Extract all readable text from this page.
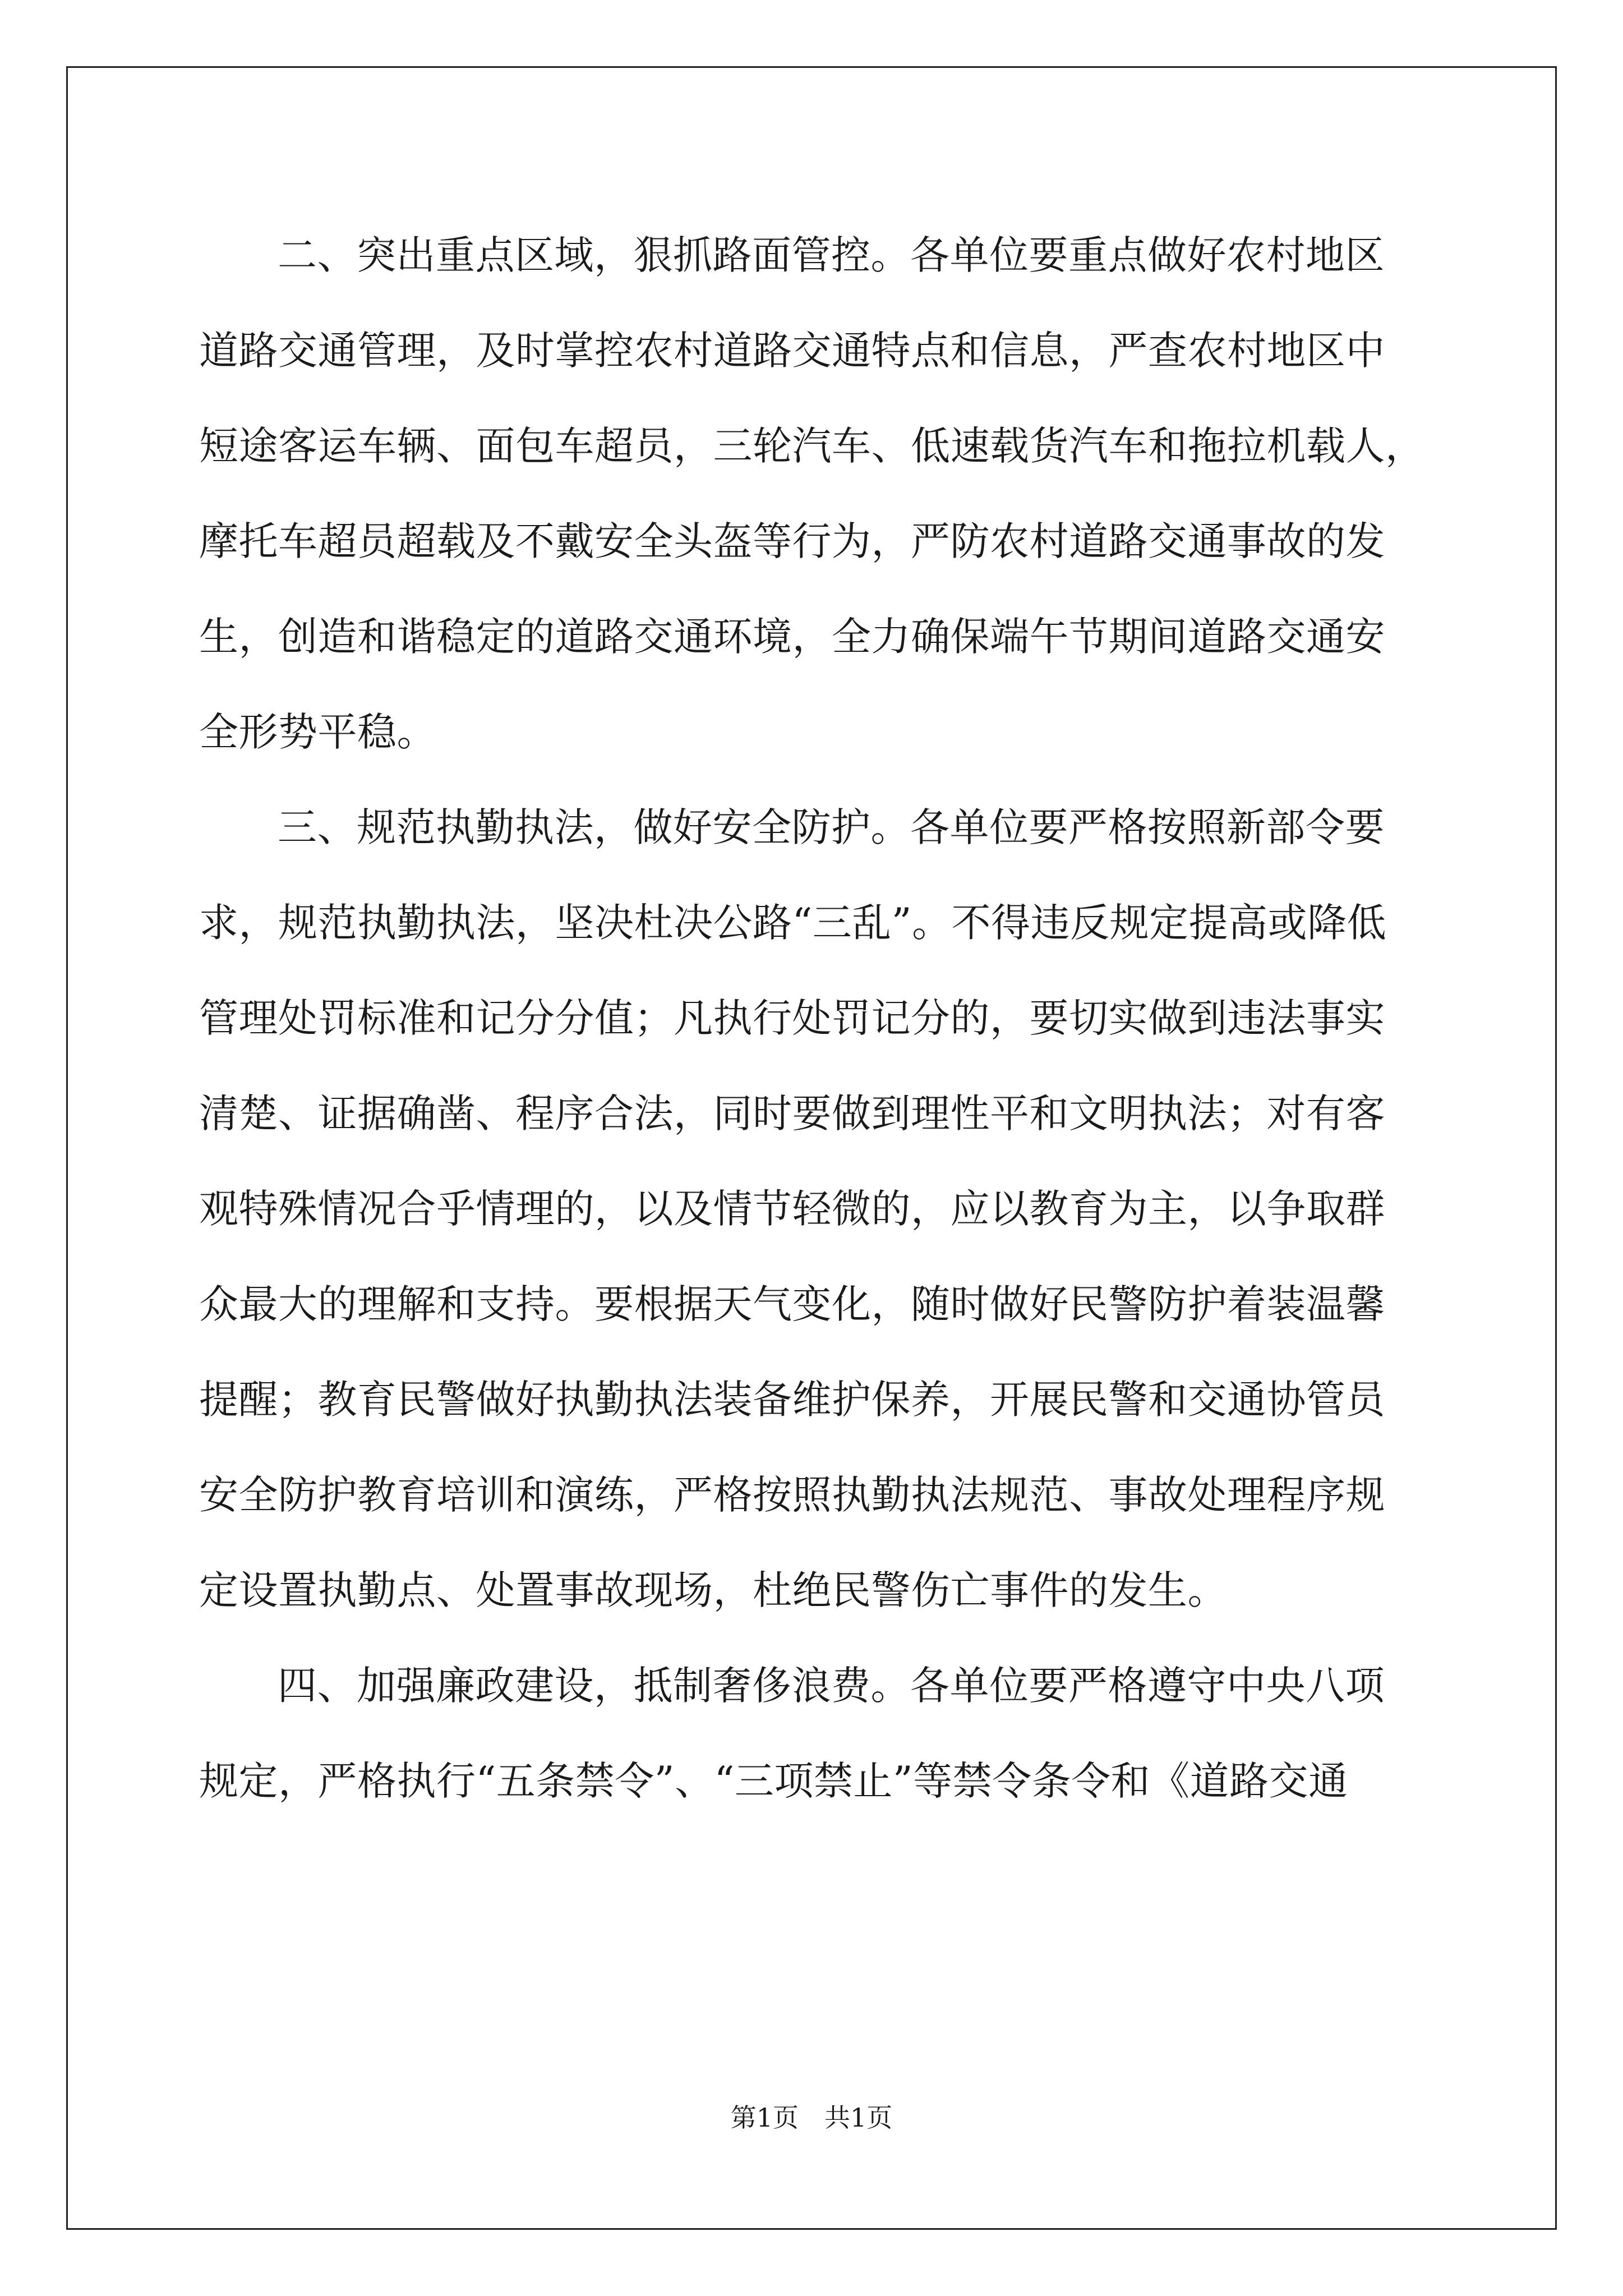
二、突出重点区域，狠抓路面管控。各单位要重点做好农村地区
道路交通管理，及时掌控农村道路交通特点和信息，严查农村地区中
短途客运车辆、面包车超员，三轮汽车、低速载货汽车和拖拉机载人，
摩托车超员超载及不戴安全头盔等行为，严防农村道路交通事故的发
生，创造和谐稳定的道路交通环境，全力确保端午节期间道路交通安
全形势平稳。
三、规范执勤执法，做好安全防护。各单位要严格按照新部令要
求，规范执勤执法，坚决杜决公路“三乱”。不得违反规定提高或降低
管理处罚标准和记分分值；凡执行处罚记分的，要切实做到违法事实
清楚、证据确凿、程序合法，同时要做到理性平和文明执法；对有客
观特殊情况合乎情理的，以及情节轻微的，应以教育为主，以争取群
众最大的理解和支持。要根据天气变化，随时做好民警防护着装温馨
提醒；教育民警做好执勤执法装备维护保养，开展民警和交通协管员
安全防护教育培训和演练，严格按照执勤执法规范、事故处理程序规
定设置执勤点、处置事故现场，杜绝民警伤亡事件的发生。
四、加强廉政建设，抵制奢侈浪费。各单位要严格遵守中央八项
规定，严格执行“五条禁令”、“三项禁止”等禁令条令和《道路交通
第1页　共1页
